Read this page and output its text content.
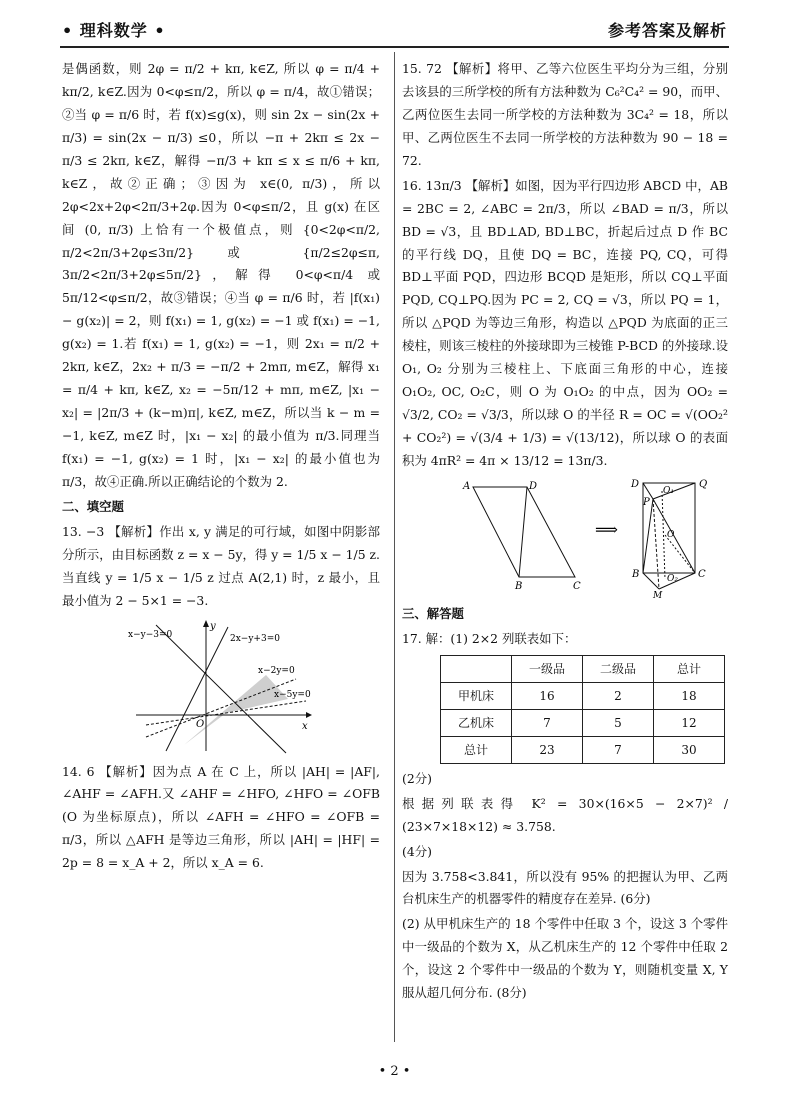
• 理科数学 •	参考答案及解析

是偶函数，则 2φ = π/2 + kπ, k∈Z, 所以 φ = π/4 + kπ/2, k∈Z.因为 0<φ≤π/2，所以 φ = π/4，故①错误；②当 φ = π/6 时，若 f(x)≤g(x)，则 sin 2x − sin(2x + π/3) = sin(2x − π/3) ≤0，所以 −π + 2kπ ≤ 2x − π/3 ≤ 2kπ, k∈Z，解得 −π/3 + kπ ≤ x ≤ π/6 + kπ, k∈Z，故②正确；③因为 x∈(0, π/3)，所以 2φ<2x+2φ<2π/3+2φ.因为 0<φ≤π/2，且 g(x) 在区间 (0, π/3) 上恰有一个极值点，则 {0<2φ<π/2, π/2<2π/3+2φ≤3π/2} 或 {π/2≤2φ≤π, 3π/2<2π/3+2φ≤5π/2}，解得 0<φ<π/4 或 5π/12<φ≤π/2，故③错误；④当 φ = π/6 时，若 |f(x₁) − g(x₂)| = 2，则 f(x₁) = 1, g(x₂) = −1 或 f(x₁) = −1, g(x₂) = 1.若 f(x₁) = 1, g(x₂) = −1，则 2x₁ = π/2 + 2kπ, k∈Z，2x₂ + π/3 = −π/2 + 2mπ, m∈Z，解得 x₁ = π/4 + kπ, k∈Z, x₂ = −5π/12 + mπ, m∈Z, |x₁ − x₂| = |2π/3 + (k−m)π|, k∈Z, m∈Z，所以当 k − m = −1, k∈Z, m∈Z 时，|x₁ − x₂| 的最小值为 π/3.同理当 f(x₁) = −1, g(x₂) = 1 时，|x₁ − x₂| 的最小值也为 π/3，故④正确.所以正确结论的个数为 2.

二、填空题

13. −3 【解析】作出 x, y 满足的可行域，如图中阴影部分所示，由目标函数 z = x − 5y，得 y = 1/5 x − 1/5 z.当直线 y = 1/5 x − 1/5 z 过点 A(2,1) 时，z 最小，且最小值为 2 − 5×1 = −3.

y
x
O
x−y−3=0	2x−y+3=0
x−2y=0
x−5y=0

14. 6 【解析】因为点 A 在 C 上，所以 |AH| = |AF|, ∠AHF = ∠AFH.又 ∠AHF = ∠HFO, ∠HFO = ∠OFB (O 为坐标原点)，所以 ∠AFH = ∠HFO = ∠OFB = π/3，所以 △AFH 是等边三角形，所以 |AH| = |HF| = 2p = 8 = x_A + 2，所以 x_A = 6.

15. 72 【解析】将甲、乙等六位医生平均分为三组，分别去该县的三所学校的所有方法种数为 C₆²C₄² = 90，而甲、乙两位医生去同一所学校的方法种数为 3C₄² = 18，所以甲、乙两位医生不去同一所学校的方法种数为 90 − 18 = 72.

16. 13π/3 【解析】如图，因为平行四边形 ABCD 中，AB = 2BC = 2, ∠ABC = 2π/3，所以 ∠BAD = π/3，所以 BD = √3，且 BD⊥AD, BD⊥BC，折起后过点 D 作 BC 的平行线 DQ，且使 DQ = BC，连接 PQ, CQ，可得 BD⊥平面 PQD，四边形 BCQD 是矩形，所以 CQ⊥平面 PQD, CQ⊥PQ.因为 PC = 2, CQ = √3，所以 PQ = 1，所以 △PQD 为等边三角形，构造以 △PQD 为底面的正三棱柱，则该三棱柱的外接球即为三棱锥 P-BCD 的外接球.设 O₁, O₂ 分别为三棱柱上、下底面三角形的中心，连接 O₁O₂, OC, O₂C，则 O 为 O₁O₂ 的中点，因为 OO₂ = √3/2, CO₂ = √3/3，所以球 O 的半径 R = OC = √(OO₂² + CO₂²) = √(3/4 + 1/3) = √(13/12)，所以球 O 的表面积为 4πR² = 4π × 13/12 = 13π/3.

A	D
B	C
⟹
D	Q
P
O₁
O
O₂
B	C
M

三、解答题

17. 解：(1) 2×2 列联表如下：

	一级品	二级品	总计
甲机床	16	2	18
乙机床	7	5	12
总计	23	7	30

(2分)

根据列联表得 K² = 30×(16×5 − 2×7)² / (23×7×18×12) ≈ 3.758.

(4分)

因为 3.758<3.841，所以没有 95% 的把握认为甲、乙两台机床生产的机器零件的精度存在差异. (6分)

(2) 从甲机床生产的 18 个零件中任取 3 个，设这 3 个零件中一级品的个数为 X，从乙机床生产的 12 个零件中任取 2 个，设这 2 个零件中一级品的个数为 Y，则随机变量 X, Y 服从超几何分布. (8分)

• 2 •
